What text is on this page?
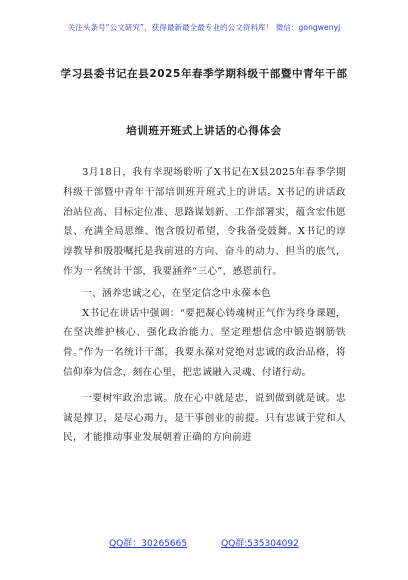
关注头条号“公文研究”，获得最新最全最专业的公文资料库！ 微信：gongwenyj
学习县委书记在县2025年春季学期科级干部暨中青年干部
培训班开班式上讲话的心得体会

3月18日，我有幸现场聆听了X书记在X县2025年春季学期科级干部暨中青年干部培训班开班式上的讲话。X书记的讲话政治站位高、目标定位准、思路谋划新、工作部署实，蕴含宏伟愿景、充满全局思维、饱含殷切希望，令我备受鼓舞。X书记的谆谆教导和殷殷嘱托是我前进的方向、奋斗的动力、担当的底气，作为一名统计干部，我要涵养“三心”，感恩前行。

一、涵养忠诚之心，在坚定信念中永葆本色

X书记在讲话中强调：“要把凝心铸魂树正气作为终身课题，在坚决维护核心、强化政治能力、坚定理想信念中锻造钢筋铁骨。”作为一名统计干部，我要永葆对党绝对忠诚的政治品格，将信仰奉为信念，刻在心里，把忠诚融入灵魂、付诸行动。

一要树牢政治忠诚。放在心中就是忠，说到做到就是诚。忠诚是撑卫，是尽心竭力，是干事创业的前提。只有忠诚于党和人民，才能推动事业发展朝着正确的方向前进

QQ群：30265665	QQ群:535304092
